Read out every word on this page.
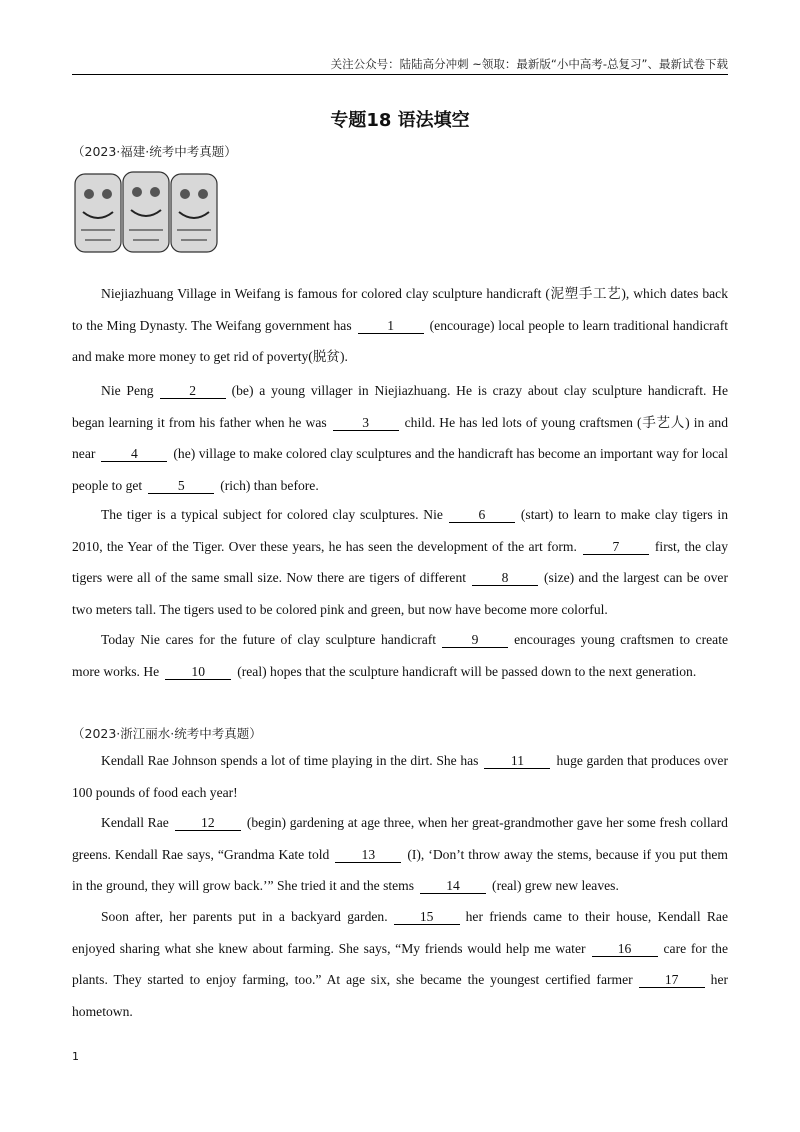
关注公众号：陆陆高分冲刺 ~领取：最新版“小中高考-总复习”、最新试卷下载
专题18 语法填空
（2023·福建·统考中考真题）
Niejiazhuang Village in Weifang is famous for colored clay sculpture handicraft (泥塑手工艺), which dates back to the Ming Dynasty. The Weifang government has	1	(encourage) local people to learn traditional handicraft and make more money to get rid of poverty(脱贫).
Nie Peng	2	(be) a young villager in Niejiazhuang. He is crazy about clay sculpture handicraft. He began learning it from his father when he was	3	child. He has led lots of young craftsmen (手艺人) in and near	4	(he) village to make colored clay sculptures and the handicraft has become an important way for local people to get	5	(rich) than before.
The tiger is a typical subject for colored clay sculptures. Nie	6	(start) to learn to make clay tigers in 2010, the Year of the Tiger. Over these years, he has seen the development of the art form.	7	first, the clay tigers were all of the same small size. Now there are tigers of different	8	(size) and the largest can be over two meters tall. The tigers used to be colored pink and green, but now have become more colorful.
Today Nie cares for the future of clay sculpture handicraft	9	encourages young craftsmen to create more works. He 10 (real) hopes that the sculpture handicraft will be passed down to the next generation.
（2023·浙江丽水·统考中考真题）
Kendall Rae Johnson spends a lot of time playing in the dirt. She has 11 huge garden that produces over 100 pounds of food each year!
Kendall Rae 12 (begin) gardening at age three, when her great-grandmother gave her some fresh collard greens. Kendall Rae says, “Grandma Kate told 13 (I), ‘Don’t throw away the stems, because if you put them in the ground, they will grow back.’” She tried it and the stems 14 (real) grew new leaves.
Soon after, her parents put in a backyard garden. 15 her friends came to their house, Kendall Rae enjoyed sharing what she knew about farming. She says, “My friends would help me water 16 care for the plants. They started to enjoy farming, too.” At age six, she became the youngest certified farmer 17 her hometown.
1
